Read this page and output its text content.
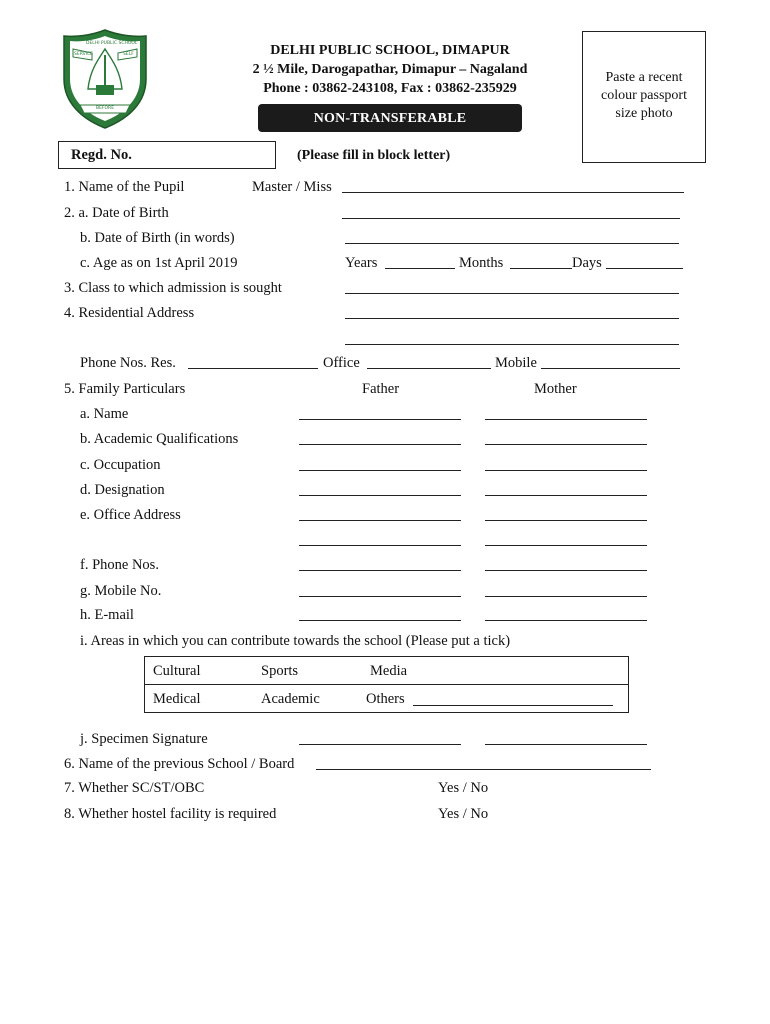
DELHI PUBLIC SCHOOL
SERVICE	SELF
BEFORE
DELHI PUBLIC SCHOOL, DIMAPUR
2 ½ Mile, Darogapathar, Dimapur – Nagaland
Phone : 03862-243108, Fax : 03862-235929
NON-TRANSFERABLE
Paste a recent
colour passport
size photo
Regd. No.	(Please fill in block letter)
1. Name of the Pupil	Master / Miss
2. a. Date of Birth
b. Date of Birth (in words)
c. Age as on 1st April 2019	Years	Months	Days
3. Class to which admission is sought
4. Residential Address
Phone Nos. Res.	Office	Mobile
5. Family Particulars	Father	Mother
a. Name
b. Academic Qualifications
c. Occupation
d. Designation
e. Office Address
f. Phone Nos.
g. Mobile No.
h. E-mail
i. Areas in which you can contribute towards the school (Please put a tick)
Cultural	Sports	Media
Medical	Academic	Others
j. Specimen Signature
6. Name of the previous School / Board
7. Whether SC/ST/OBC	Yes / No
8. Whether hostel facility is required	Yes / No
